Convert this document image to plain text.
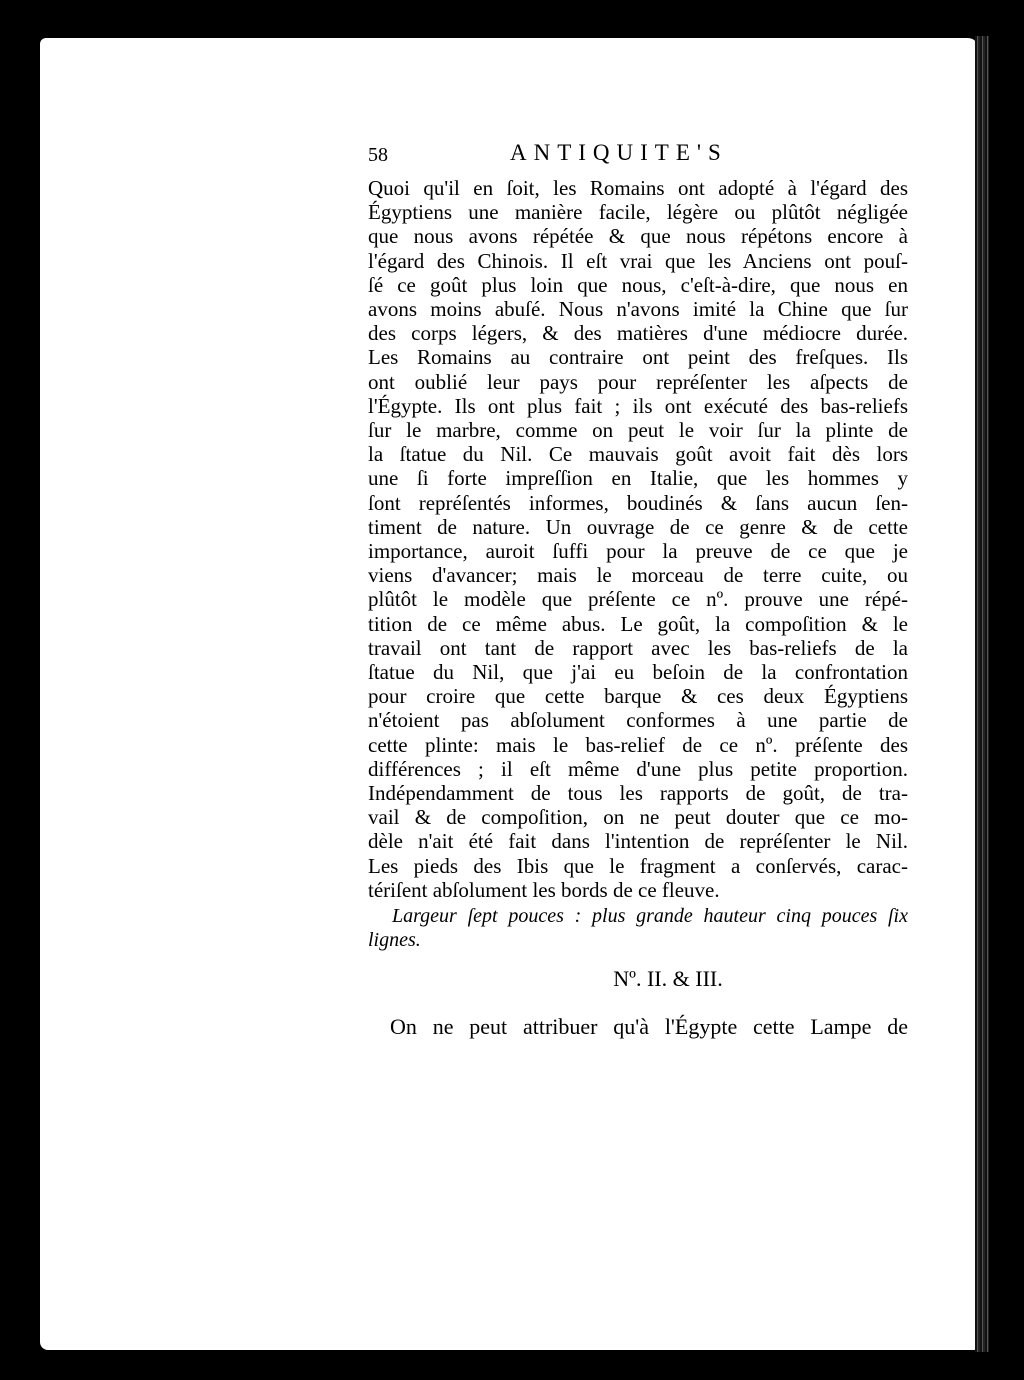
58	ANTIQUITE'S
Quoi qu'il en ſoit, les Romains ont adopté à l'égard des
Égyptiens une manière facile, légère ou plûtôt négligée
que nous avons répétée & que nous répétons encore à
l'égard des Chinois. Il eſt vrai que les Anciens ont pouſ-
ſé ce goût plus loin que nous, c'eſt-à-dire, que nous en
avons moins abuſé. Nous n'avons imité la Chine que ſur
des corps légers, & des matières d'une médiocre durée.
Les Romains au contraire ont peint des freſques. Ils
ont oublié leur pays pour repréſenter les aſpects de
l'Égypte. Ils ont plus fait ; ils ont exécuté des bas-reliefs
ſur le marbre, comme on peut le voir ſur la plinte de
la ſtatue du Nil. Ce mauvais goût avoit fait dès lors
une ſi forte impreſſion en Italie, que les hommes y
ſont repréſentés informes, boudinés & ſans aucun ſen-
timent de nature. Un ouvrage de ce genre & de cette
importance, auroit ſuffi pour la preuve de ce que je
viens d'avancer; mais le morceau de terre cuite, ou
plûtôt le modèle que préſente ce nº. prouve une répé-
tition de ce même abus. Le goût, la compoſition & le
travail ont tant de rapport avec les bas-reliefs de la
ſtatue du Nil, que j'ai eu beſoin de la confrontation
pour croire que cette barque & ces deux Égyptiens
n'étoient pas abſolument conformes à une partie de
cette plinte: mais le bas-relief de ce nº. préſente des
différences ; il eſt même d'une plus petite proportion.
Indépendamment de tous les rapports de goût, de tra-
vail & de compoſition, on ne peut douter que ce mo-
dèle n'ait été fait dans l'intention de repréſenter le Nil.
Les pieds des Ibis que le fragment a conſervés, carac-
tériſent abſolument les bords de ce fleuve.
Largeur ſept pouces : plus grande hauteur cinq pouces ſix
lignes.
Nº. II. & III.
On ne peut attribuer qu'à l'Égypte cette Lampe de
